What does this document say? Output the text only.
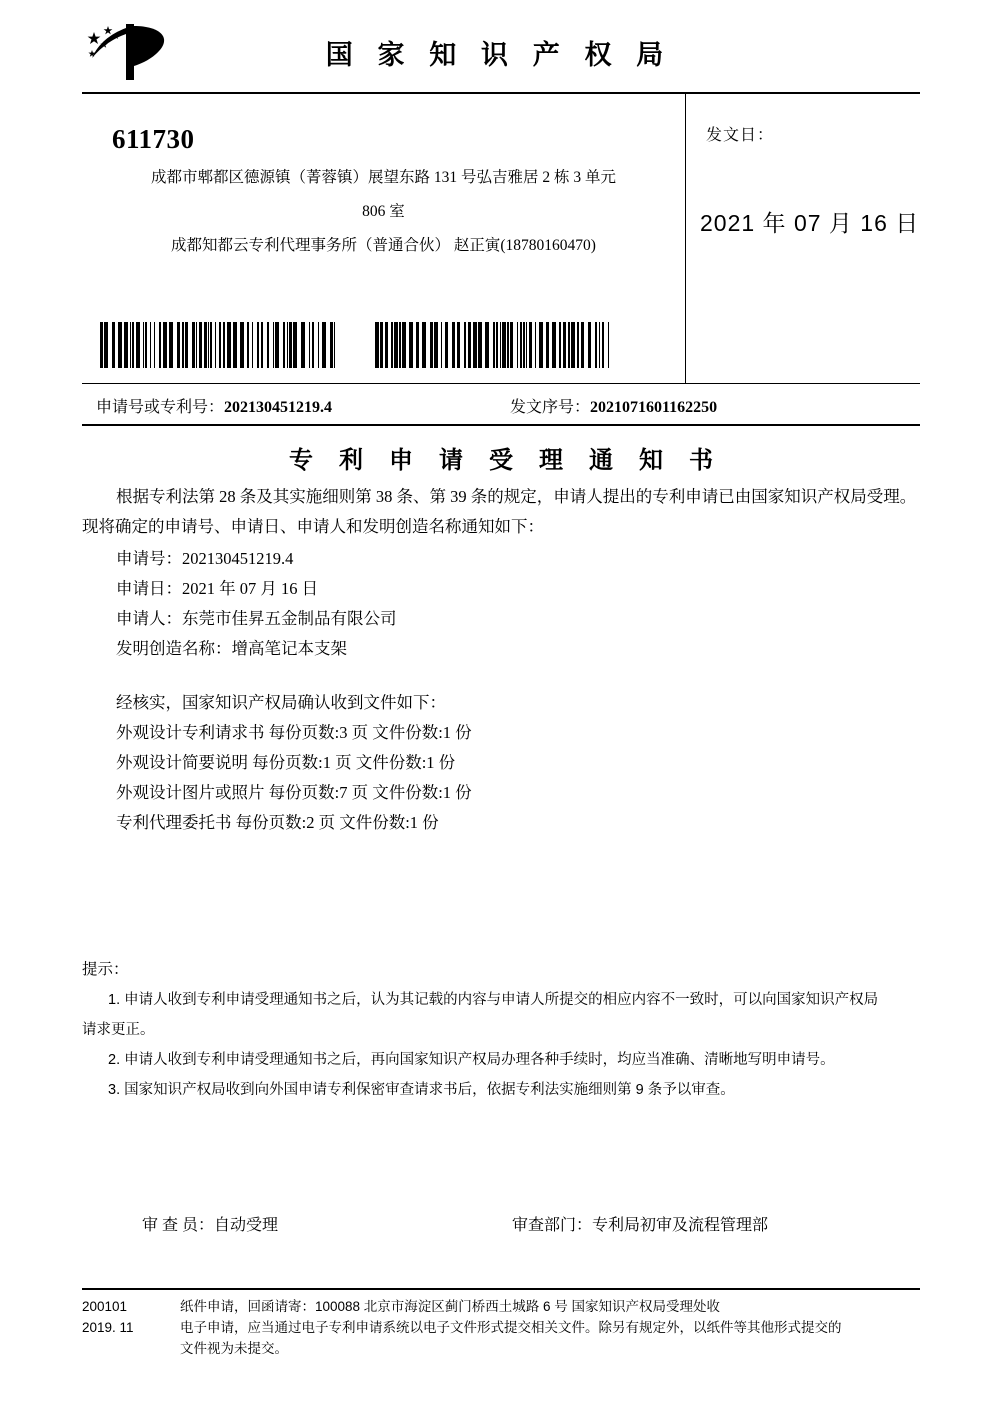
国 家 知 识 产 权 局
611730
成都市郫都区德源镇（菁蓉镇）展望东路 131 号弘吉雅居 2 栋 3 单元
806 室
成都知都云专利代理事务所（普通合伙） 赵正寅(18780160470)
发文日：
2021 年 07 月 16 日
申请号或专利号：202130451219.4	发文序号：2021071601162250
专 利 申 请 受 理 通 知 书
根据专利法第 28 条及其实施细则第 38 条、第 39 条的规定，申请人提出的专利申请已由国家知识产权局受理。现将确定的申请号、申请日、申请人和发明创造名称通知如下：
申请号：202130451219.4
申请日：2021 年 07 月 16 日
申请人：东莞市佳昇五金制品有限公司
发明创造名称：增高笔记本支架
经核实，国家知识产权局确认收到文件如下：
外观设计专利请求书 每份页数:3 页 文件份数:1 份
外观设计简要说明 每份页数:1 页 文件份数:1 份
外观设计图片或照片 每份页数:7 页 文件份数:1 份
专利代理委托书 每份页数:2 页 文件份数:1 份
提示：
1. 申请人收到专利申请受理通知书之后，认为其记载的内容与申请人所提交的相应内容不一致时，可以向国家知识产权局
请求更正。
2. 申请人收到专利申请受理通知书之后，再向国家知识产权局办理各种手续时，均应当准确、清晰地写明申请号。
3. 国家知识产权局收到向外国申请专利保密审查请求书后，依据专利法实施细则第 9 条予以审查。
审 查 员：自动受理	审查部门：专利局初审及流程管理部
200101
2019. 11
纸件申请，回函请寄：100088 北京市海淀区蓟门桥西土城路 6 号 国家知识产权局受理处收
电子申请，应当通过电子专利申请系统以电子文件形式提交相关文件。除另有规定外，以纸件等其他形式提交的
文件视为未提交。
